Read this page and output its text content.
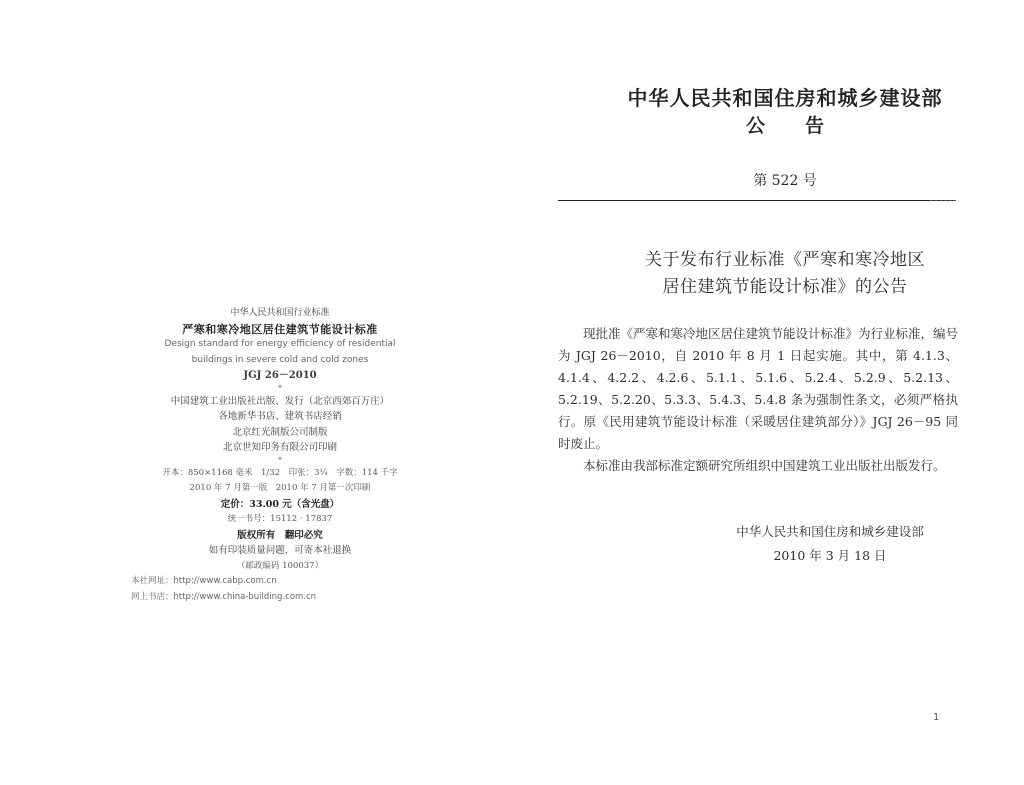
中华人民共和国行业标准
严寒和寒冷地区居住建筑节能设计标准
Design standard for energy efficiency of residential
buildings in severe cold and cold zones
JGJ 26－2010
*
中国建筑工业出版社出版、发行（北京西郊百万庄）
各地新华书店、建筑书店经销
北京红光制版公司制版
北京世知印务有限公司印刷
*
开本：850×1168 毫米　1/32　印张：3¼　字数：114 千字
2010 年 7 月第一版　2010 年 7 月第一次印刷
定价：33.00 元（含光盘）
统一书号：15112 · 17837
版权所有　翻印必究
如有印装质量问题，可寄本社退换
（邮政编码 100037）
本社网址：http://www.cabp.com.cn
网上书店：http://www.china-building.com.cn
中华人民共和国住房和城乡建设部
公告
第 522 号
关于发布行业标准《严寒和寒冷地区
居住建筑节能设计标准》的公告

现批准《严寒和寒冷地区居住建筑节能设计标准》为行业标准，编号为 JGJ 26－2010，自 2010 年 8 月 1 日起实施。其中，第 4.1.3、4.1.4、4.2.2、4.2.6、5.1.1、5.1.6、5.2.4、5.2.9、5.2.13、5.2.19、5.2.20、5.3.3、5.4.3、5.4.8 条为强制性条文，必须严格执行。原《民用建筑节能设计标准（采暖居住建筑部分）》JGJ 26－95 同时废止。

本标准由我部标准定额研究所组织中国建筑工业出版社出版发行。

中华人民共和国住房和城乡建设部
2010 年 3 月 18 日
1
